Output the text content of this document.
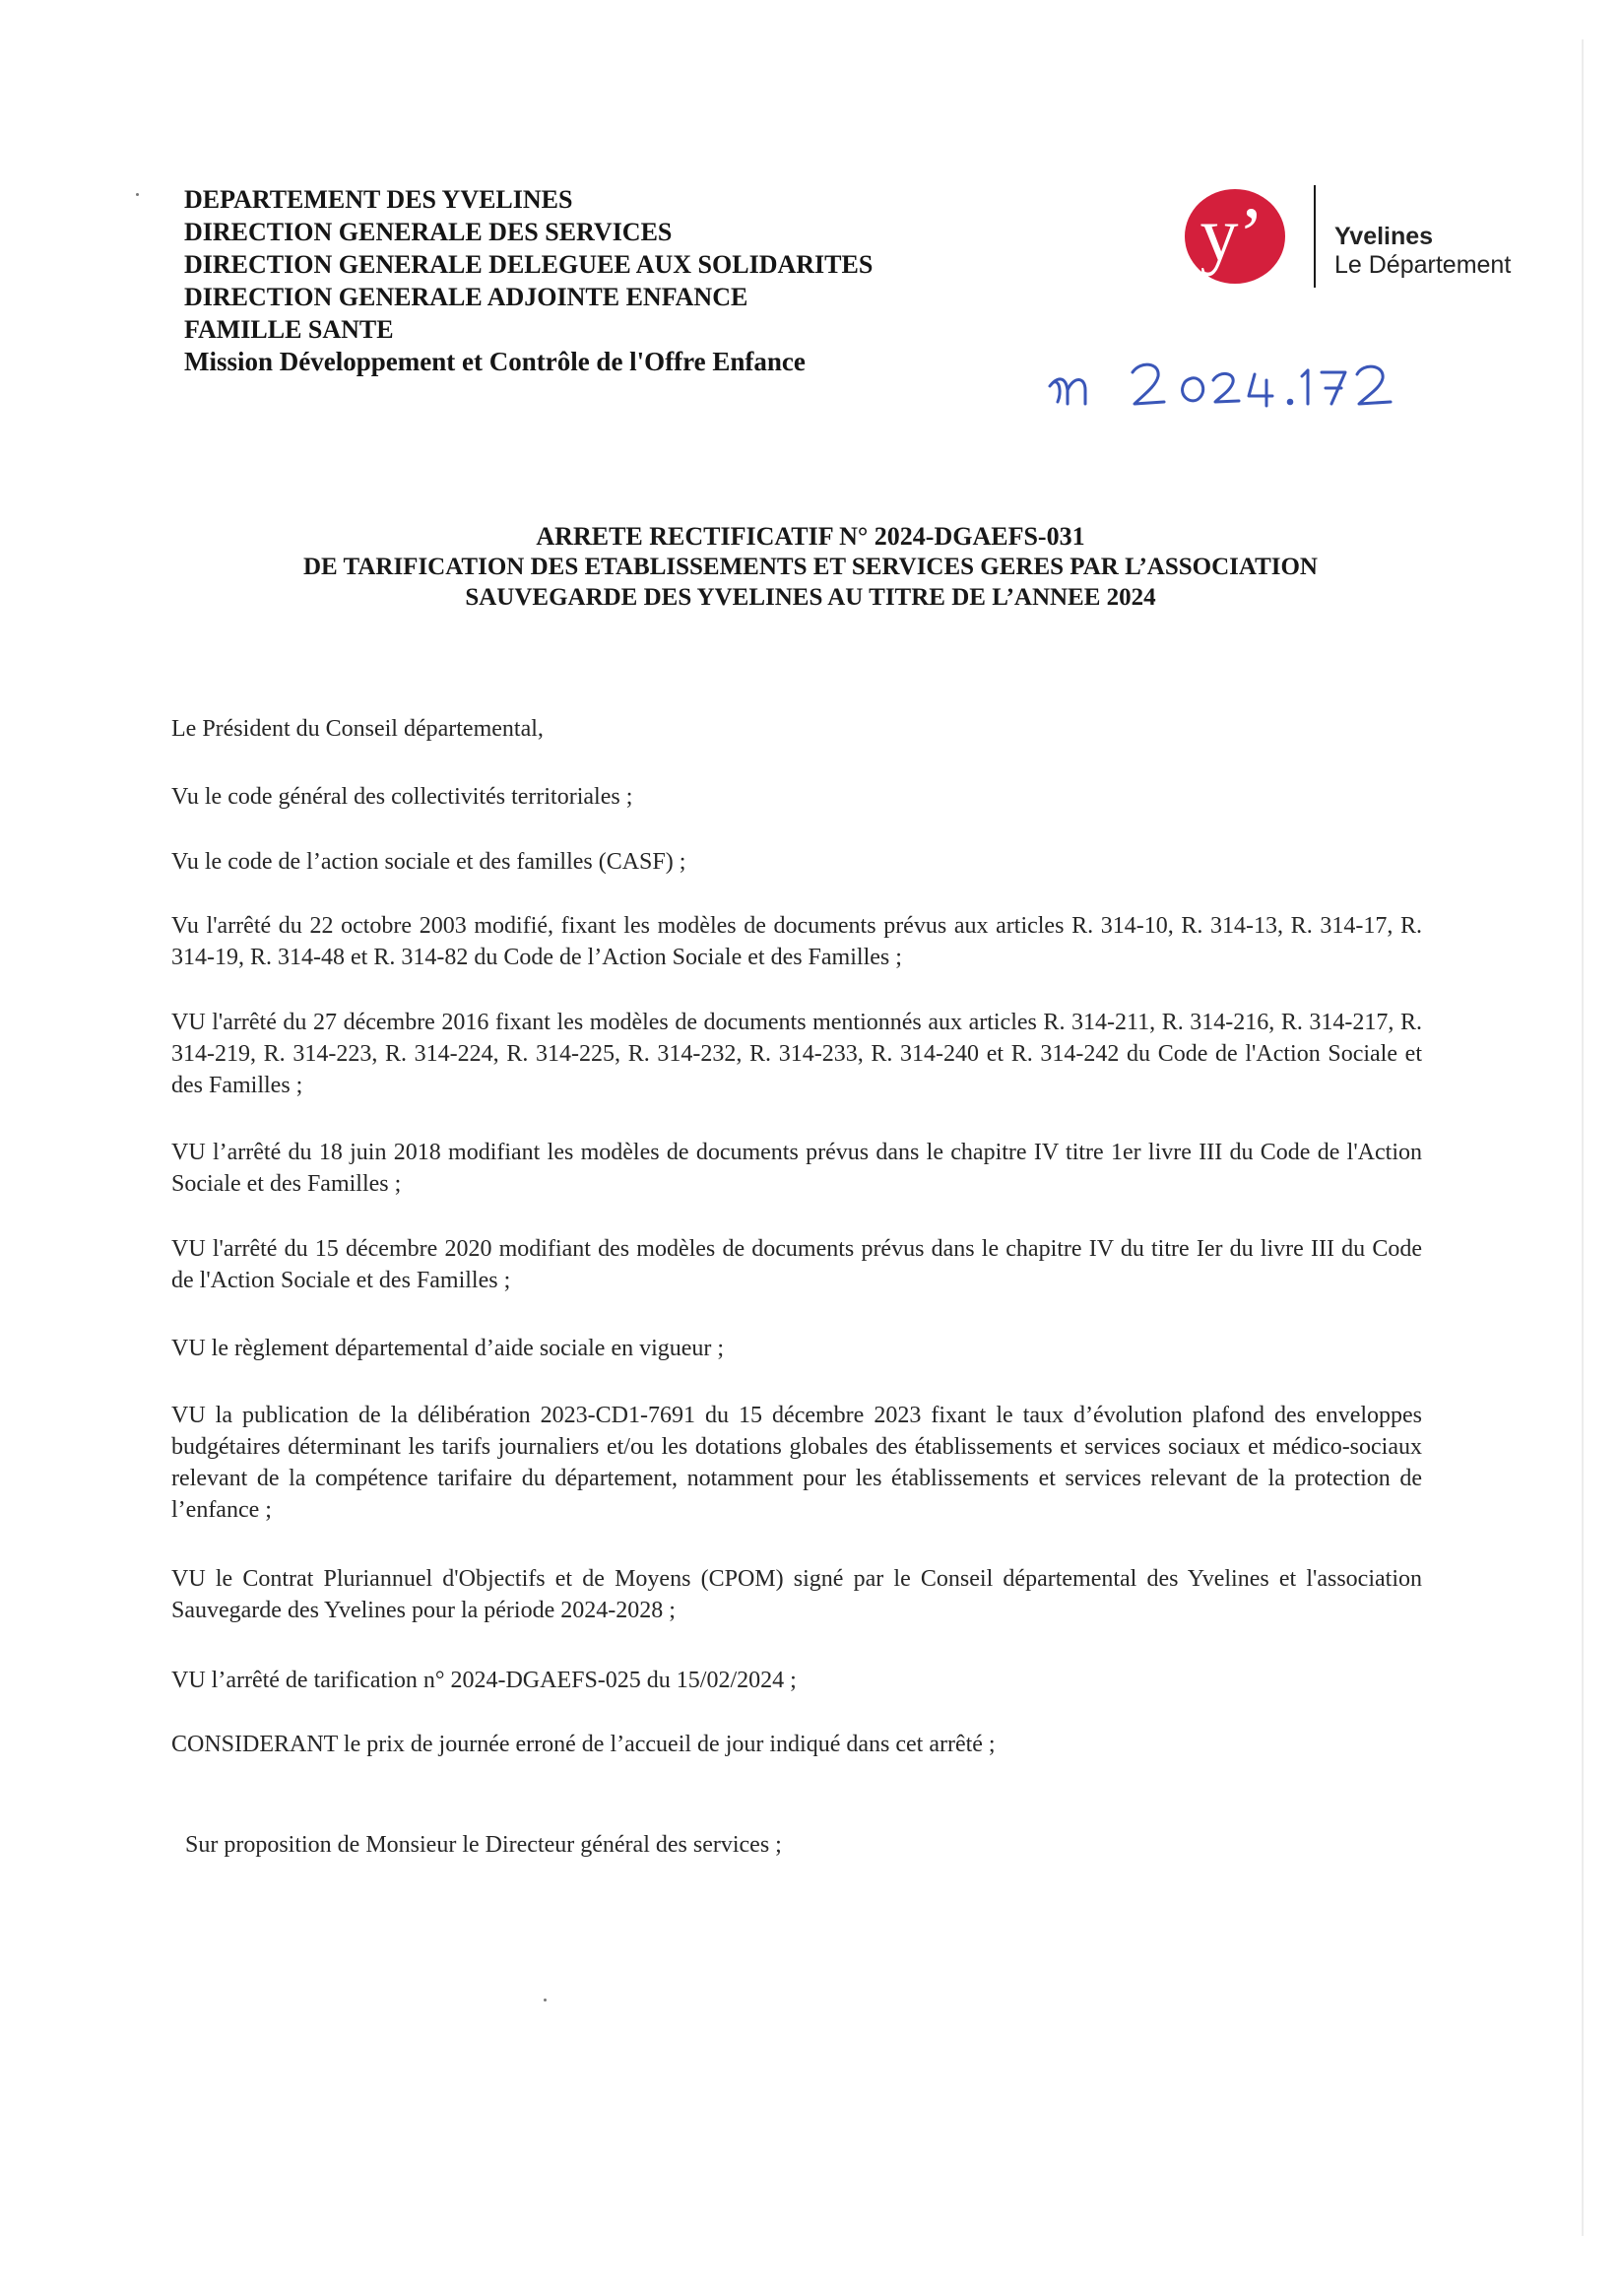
DEPARTEMENT DES YVELINES
DIRECTION GENERALE DES SERVICES
DIRECTION GENERALE DELEGUEE AUX SOLIDARITES
DIRECTION GENERALE ADJOINTE ENFANCE
FAMILLE SANTE
Mission Développement et Contrôle de l'Offre Enfance
y’	Yvelines
Le Département
m 2024.172
ARRETE RECTIFICATIF N° 2024-DGAEFS-031
DE TARIFICATION DES ETABLISSEMENTS ET SERVICES GERES PAR L’ASSOCIATION
SAUVEGARDE DES YVELINES AU TITRE DE L’ANNEE 2024
Le Président du Conseil départemental,
Vu le code général des collectivités territoriales ;
Vu le code de l’action sociale et des familles (CASF) ;
Vu l'arrêté du 22 octobre 2003 modifié, fixant les modèles de documents prévus aux articles R. 314-10, R. 314-13, R. 314-17, R. 314-19, R. 314-48 et R. 314-82 du Code de l’Action Sociale et des Familles ;
VU l'arrêté du 27 décembre 2016 fixant les modèles de documents mentionnés aux articles R. 314-211, R. 314-216, R. 314-217, R. 314-219, R. 314-223, R. 314-224, R. 314-225, R. 314-232, R. 314-233, R. 314-240 et R. 314-242 du Code de l'Action Sociale et des Familles ;
VU l’arrêté du 18 juin 2018 modifiant les modèles de documents prévus dans le chapitre IV titre 1er livre III du Code de l'Action Sociale et des Familles ;
VU l'arrêté du 15 décembre 2020 modifiant des modèles de documents prévus dans le chapitre IV du titre Ier du livre III du Code de l'Action Sociale et des Familles ;
VU le règlement départemental d’aide sociale en vigueur ;
VU la publication de la délibération 2023-CD1-7691 du 15 décembre 2023 fixant le taux d’évolution plafond des enveloppes budgétaires déterminant les tarifs journaliers et/ou les dotations globales des établissements et services sociaux et médico-sociaux relevant de la compétence tarifaire du département, notamment pour les établissements et services relevant de la protection de l’enfance ;
VU le Contrat Pluriannuel d'Objectifs et de Moyens (CPOM) signé par le Conseil départemental des Yvelines et l'association Sauvegarde des Yvelines pour la période 2024-2028 ;
VU l’arrêté de tarification n° 2024-DGAEFS-025 du 15/02/2024 ;
CONSIDERANT le prix de journée erroné de l’accueil de jour indiqué dans cet arrêté ;
Sur proposition de Monsieur le Directeur général des services ;
